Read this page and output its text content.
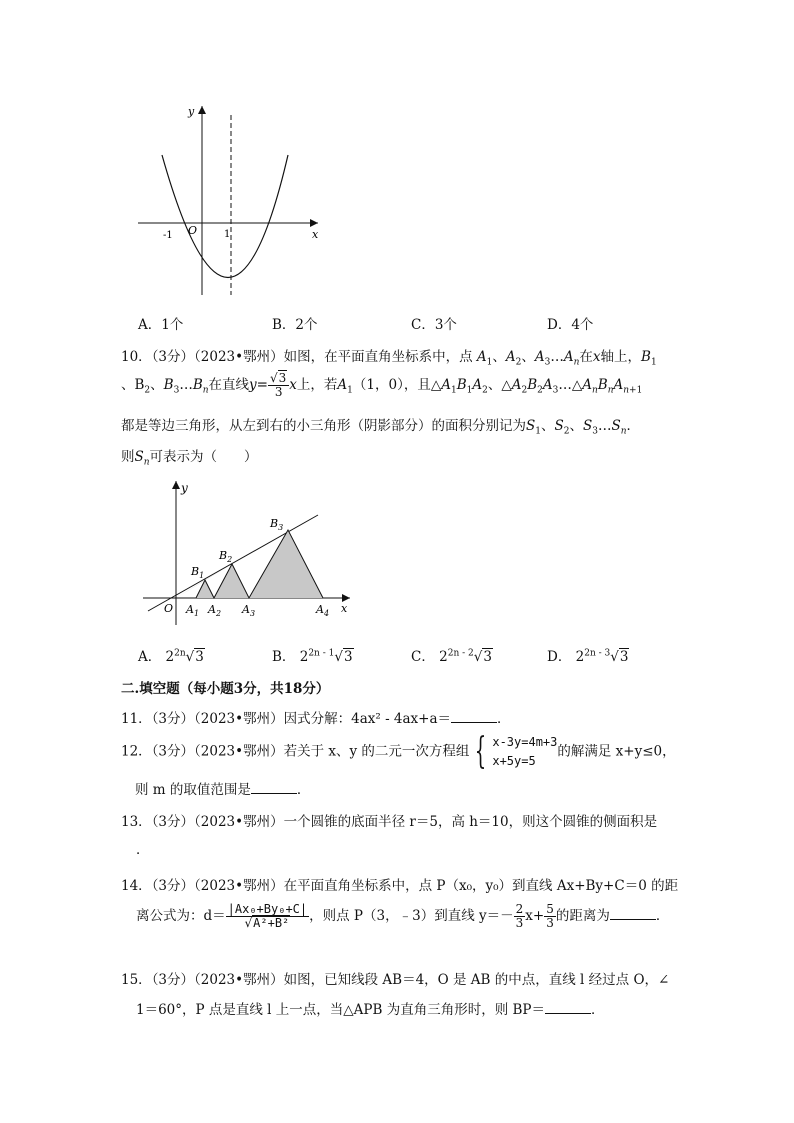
y
x
O
-1	1
A．1个	B．2个	C．3个	D．4个
10．（3分）（2023•鄂州）如图，在平面直角坐标系中，点 $A_1$、$A_2$、$A_3\dots A_n$在x轴上，$B_1$
、$B_2$、$B_3\dots B_n$在直线$y= \frac{√3}{3}$ x上，若$A_1(1$，0），且$\triangle A_1B_1A_2$、$\triangle A_2B_2A_3\dots\triangle A_nB_nA_{n+1}$
都是等边三角形，从左到右的小三角形（阴影部分）的面积分别记为$S_1$、$S_2$、$S_3\dots S_n$．
则$S_n$可表示为（　　）
y
x
O
$B_1$
$B_2$
$B_3$
$A_1$ $A_2$ $A_3$	$A_4$
A． $2^{2n}√3$	B． $2^{2n - 1}√3$	C． $2^{2n - 2}√3$	D． $2^{2n - 3}√3$
二.填空题（每小题3分，共18分）
11．（3分）（2023•鄂州）因式分解：4ax² - 4ax+a＝	．
12．（3分）（2023•鄂州）若关于 x、y 的二元一次方程组 { x-3y=4m+3
x+5y=5
的解满足 x+y≤0，
则 m 的取值范围是	．
13．（3分）（2023•鄂州）一个圆锥的底面半径 r＝5，高 h＝10，则这个圆锥的侧面积是
．
14．（3分）（2023•鄂州）在平面直角坐标系中，点 P（x₀，y₀）到直线 Ax+By+C＝0 的距
离公式为：$d= \frac{\text{|Ax₀+By₀+C|}}{\text{√A²+B²}}$ ，则点 P（3，﹣3）到直线 $y=- \frac{2}{3} x+ \frac{5}{3}$ 的距离为	．
15．（3分）（2023•鄂州）如图，已知线段 AB＝4，O 是 AB 的中点，直线 l 经过点 O，∠
1＝60°，P 点是直线 l 上一点，当△APB 为直角三角形时，则 BP＝	．
